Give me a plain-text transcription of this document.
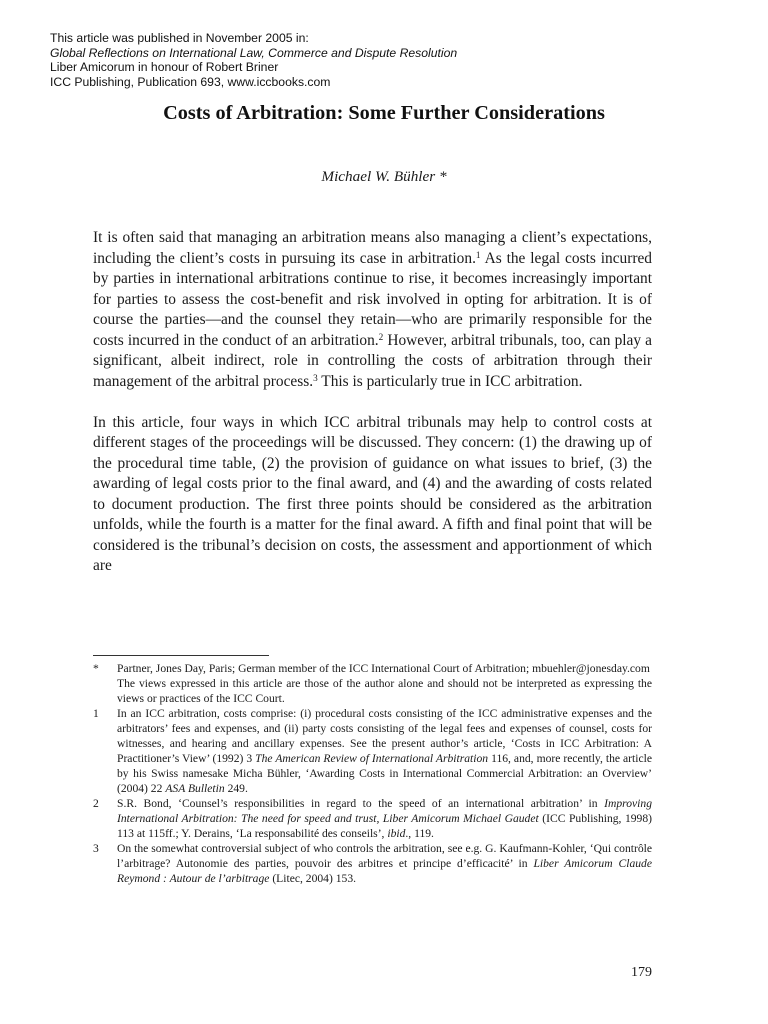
This article was published in November 2005 in:
Global Reflections on International Law, Commerce and Dispute Resolution
Liber Amicorum in honour of Robert Briner
ICC Publishing, Publication 693, www.iccbooks.com
Costs of Arbitration: Some Further Considerations
Michael W. Bühler *

It is often said that managing an arbitration means also managing a client’s expectations, including the client’s costs in pursuing its case in arbitration.$^1$ As the legal costs incurred by parties in international arbitrations continue to rise, it becomes increasingly important for parties to assess the cost-benefit and risk involved in opting for arbitration. It is of course the parties—and the counsel they retain—who are primarily responsible for the costs incurred in the conduct of an arbitration.$^2$ However, arbitral tribunals, too, can play a significant, albeit indirect, role in controlling the costs of arbitration through their management of the arbitral process.$^3$ This is particularly true in ICC arbitration.

In this article, four ways in which ICC arbitral tribunals may help to control costs at different stages of the proceedings will be discussed. They concern: (1) the drawing up of the procedural time table, (2) the provision of guidance on what issues to brief, (3) the awarding of legal costs prior to the final award, and (4) and the awarding of costs related to document production. The first three points should be considered as the arbitration unfolds, while the fourth is a matter for the final award. A fifth and final point that will be considered is the tribunal’s decision on costs, the assessment and apportionment of which are

* Partner, Jones Day, Paris; German member of the ICC International Court of Arbitration; mbuehler@jonesday.com

The views expressed in this article are those of the author alone and should not be interpreted as expressing the views or practices of the ICC Court.

1 In an ICC arbitration, costs comprise: (i) procedural costs consisting of the ICC administrative expenses and the arbitrators’ fees and expenses, and (ii) party costs consisting of the legal fees and expenses of counsel, costs for witnesses, and hearing and ancillary expenses. See the present author’s article, ‘Costs in ICC Arbitration: A Practitioner’s View’ (1992) 3 The American Review of International Arbitration 116, and, more recently, the article by his Swiss namesake Micha Bühler, ‘Awarding Costs in International Commercial Arbitration: an Overview’ (2004) 22 ASA Bulletin 249.

2 S.R. Bond, ‘Counsel’s responsibilities in regard to the speed of an international arbitration’ in Improving International Arbitration: The need for speed and trust, Liber Amicorum Michael Gaudet (ICC Publishing, 1998) 113 at 115ff.; Y. Derains, ‘La responsabilité des conseils’, ibid., 119.

3 On the somewhat controversial subject of who controls the arbitration, see e.g. G. Kaufmann-Kohler, ‘Qui contrôle l’arbitrage? Autonomie des parties, pouvoir des arbitres et principe d’efficacité’ in Liber Amicorum Claude Reymond : Autour de l’arbitrage (Litec, 2004) 153.

179
